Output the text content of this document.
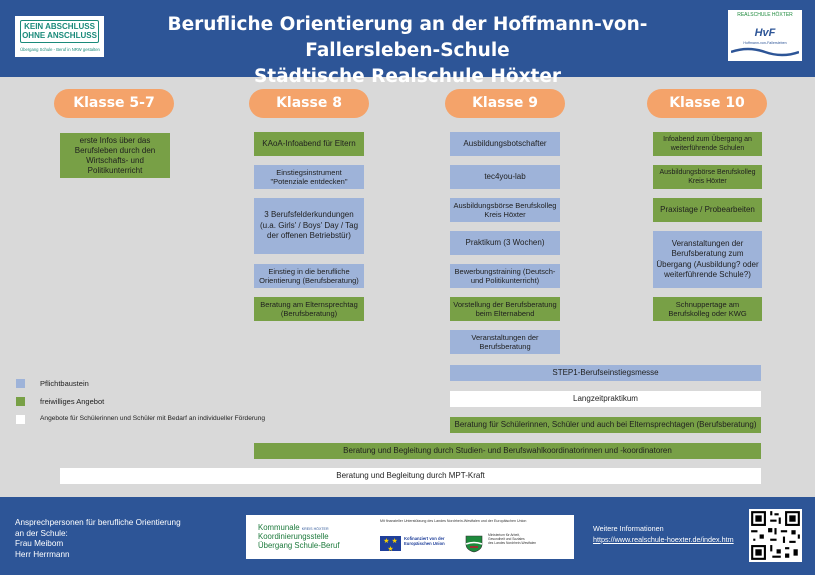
Berufliche Orientierung an der Hoffmann-von-Fallersleben-Schule
Städtische Realschule Höxter
KEIN ABSCHLUSS
OHNE ANSCHLUSS
Übergang Schule - Beruf in NRW gestalten
REALSCHULE HÖXTER
HvF
Hoffmann-von-Fallersleben
Klasse 5-7	Klasse 8	Klasse 9	Klasse 10
erste Infos über das Berufsleben durch den Wirtschafts- und Politikunterricht
KAoA-Infoabend für Eltern
Einstiegsinstrument "Potenziale entdecken"
3 Berufsfelderkundungen (u.a. Girls' / Boys' Day / Tag der offenen Betriebstür)
Einstieg in die berufliche Orientierung (Berufsberatung)
Beratung am Elternsprechtag (Berufsberatung)
Ausbildungsbotschafter
tec4you-lab
Ausbildungsbörse Berufskolleg Kreis Höxter
Praktikum (3 Wochen)
Bewerbungstraining (Deutsch- und Politikunterricht)
Vorstellung der Berufsberatung beim Elternabend
Veranstaltungen der Berufsberatung
Infoabend zum Übergang an weiterführende Schulen
Ausbildungsbörse Berufskolleg Kreis Höxter
Praxistage / Probearbeiten
Veranstaltungen der Berufsberatung zum Übergang (Ausbildung? oder weiterführende Schule?)
Schnuppertage am Berufskolleg oder KWG
STEP1-Berufseinstiegsmesse
Langzeitpraktikum
Beratung für Schülerinnen, Schüler und auch bei Elternsprechtagen (Berufsberatung)
Beratung und Begleitung durch Studien- und Berufswahlkoordinatorinnen und -koordinatoren
Beratung und Begleitung durch MPT-Kraft
Pflichtbaustein
freiwilliges Angebot
Angebote für Schülerinnen und Schüler mit Bedarf an individueller Förderung
Ansprechpersonen für berufliche Orientierung
an der Schule:
Frau Meibom
Herr Herrmann
Kommunale KREIS HÖXTER
Koordinierungsstelle
Übergang Schule-Beruf
Mit finanzieller Unterstützung des Landes Nordrhein-Westfalen und der Europäischen Union
★ ★ ★
Kofinanziert von der
Europäischen Union
Ministerium für Arbeit,
Gesundheit und Soziales
des Landes Nordrhein-Westfalen
Weitere Informationen
https://www.realschule-hoexter.de/index.htm
